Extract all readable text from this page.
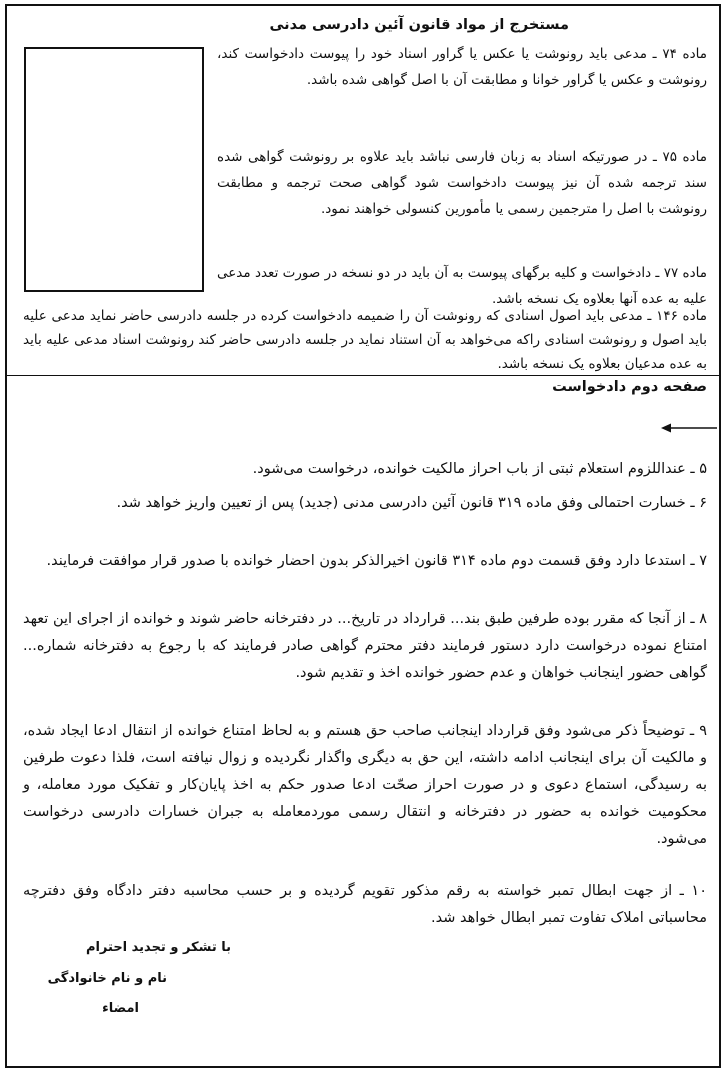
مستخرج از مواد قانون آئین دادرسی مدنی

ماده ۷۴ ـ مدعی باید رونوشت یا عکس یا گراور اسناد خود را پیوست دادخواست کند، رونوشت و عکس یا گراور خوانا و مطابقت آن با اصل گواهی شده باشد.

ماده ۷۵ ـ در صورتیکه اسناد به زبان فارسی نباشد باید علاوه بر رونوشت گواهی شده سند ترجمه شده آن نیز پیوست دادخواست شود گواهی صحت ترجمه و مطابقت رونوشت با اصل را مترجمین رسمی یا مأمورین کنسولی خواهند نمود.

ماده ۷۷ ـ دادخواست و کلیه برگهای پیوست به آن باید در دو نسخه در صورت تعدد مدعی علیه به عده آنها بعلاوه یک نسخه باشد.

ماده ۱۴۶ ـ مدعی باید اصول اسنادی که رونوشت آن را ضمیمه دادخواست کرده در جلسه دادرسی حاضر نماید مدعی علیه باید اصول و رونوشت اسنادی راکه می‌خواهد به آن استناد نماید در جلسه دادرسی حاضر کند رونوشت اسناد مدعی علیه باید به عده مدعیان بعلاوه یک نسخه باشد.

صفحه دوم دادخواست

۵ ـ عنداللزوم استعلام ثبتی از باب احراز مالکیت خوانده، درخواست می‌شود.

۶ ـ خسارت احتمالی وفق ماده ۳۱۹ قانون آئین دادرسی مدنی (جدید) پس از تعیین واریز خواهد شد.

۷ ـ استدعا دارد وفق قسمت دوم ماده ۳۱۴ قانون اخیرالذکر بدون احضار خوانده با صدور قرار موافقت فرمایند.

۸ ـ از آنجا که مقرر بوده طرفین طبق بند... قرارداد در تاریخ... در دفترخانه حاضر شوند و خوانده از اجرای این تعهد امتناع نموده درخواست دارد دستور فرمایند دفتر محترم گواهی صادر فرمایند که با رجوع به دفترخانه شماره... گواهی حضور اینجانب خواهان و عدم حضور خوانده اخذ و تقدیم شود.

۹ ـ توضیحاً ذکر می‌شود وفق قرارداد اینجانب صاحب حق هستم و به لحاظ امتناع خوانده از انتقال ادعا ایجاد شده، و مالکیت آن برای اینجانب ادامه داشته، این حق به دیگری واگذار نگردیده و زوال نیافته است، فلذا دعوت طرفین به رسیدگی، استماع دعوی و در صورت احراز صحّت ادعا صدور حکم به اخذ پایان‌کار و تفکیک مورد معامله، و محکومیت خوانده به حضور در دفترخانه و انتقال رسمی موردمعامله به جبران خسارات دادرسی درخواست می‌شود.

۱۰ ـ از جهت ابطال تمبر خواسته به رقم مذکور تقویم گردیده و بر حسب محاسبه دفتر دادگاه وفق دفترچه محاسباتی املاک تفاوت تمبر ابطال خواهد شد.

با تشکر و تجدید احترام
نام و نام خانوادگی
امضاء
